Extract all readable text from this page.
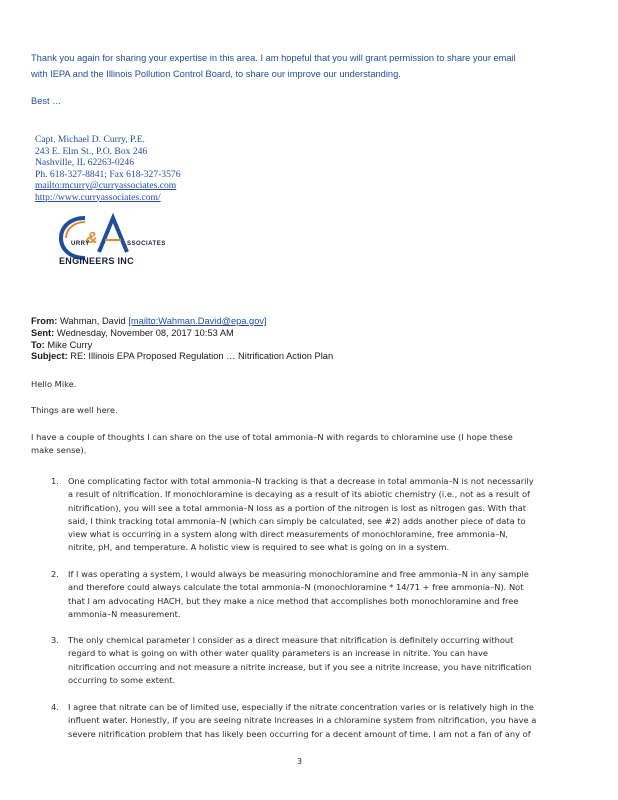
Thank you again for sharing your expertise in this area. I am hopeful that you will grant permission to share your email
with IEPA and the Illinois Pollution Control Board, to share our improve our understanding.
Best …
Capt. Michael D. Curry, P.E.
243 E. Elm St., P.O. Box 246
Nashville, IL 62263-0246
Ph. 618-327-8841; Fax 618-327-3576
mailto:mcurry@curryassociates.com
http://www.curryassociates.com/
&
URRY	SSOCIATES
ENGINEERS INC
From: Wahman, David [mailto:Wahman.David@epa.gov]
Sent: Wednesday, November 08, 2017 10:53 AM
To: Mike Curry
Subject: RE: Illinois EPA Proposed Regulation … Nitrification Action Plan
Hello Mike.
Things are well here.
I have a couple of thoughts I can share on the use of total ammonia–N with regards to chloramine use (I hope these
make sense).
1.	One complicating factor with total ammonia–N tracking is that a decrease in total ammonia–N is not necessarily
a result of nitrification. If monochloramine is decaying as a result of its abiotic chemistry (i.e., not as a result of
nitrification), you will see a total ammonia–N loss as a portion of the nitrogen is lost as nitrogen gas. With that
said, I think tracking total ammonia–N (which can simply be calculated, see #2) adds another piece of data to
view what is occurring in a system along with direct measurements of monochloramine, free ammonia–N,
nitrite, pH, and temperature. A holistic view is required to see what is going on in a system.
2.	If I was operating a system, I would always be measuring monochloramine and free ammonia–N in any sample
and therefore could always calculate the total ammonia–N (monochloramine * 14/71 + free ammonia–N). Not
that I am advocating HACH, but they make a nice method that accomplishes both monochloramine and free
ammonia–N measurement.
3.	The only chemical parameter I consider as a direct measure that nitrification is definitely occurring without
regard to what is going on with other water quality parameters is an increase in nitrite. You can have
nitrification occurring and not measure a nitrite increase, but if you see a nitrite increase, you have nitrification
occurring to some extent.
4.	I agree that nitrate can be of limited use, especially if the nitrate concentration varies or is relatively high in the
influent water. Honestly, if you are seeing nitrate increases in a chloramine system from nitrification, you have a
severe nitrification problem that has likely been occurring for a decent amount of time. I am not a fan of any of
3
